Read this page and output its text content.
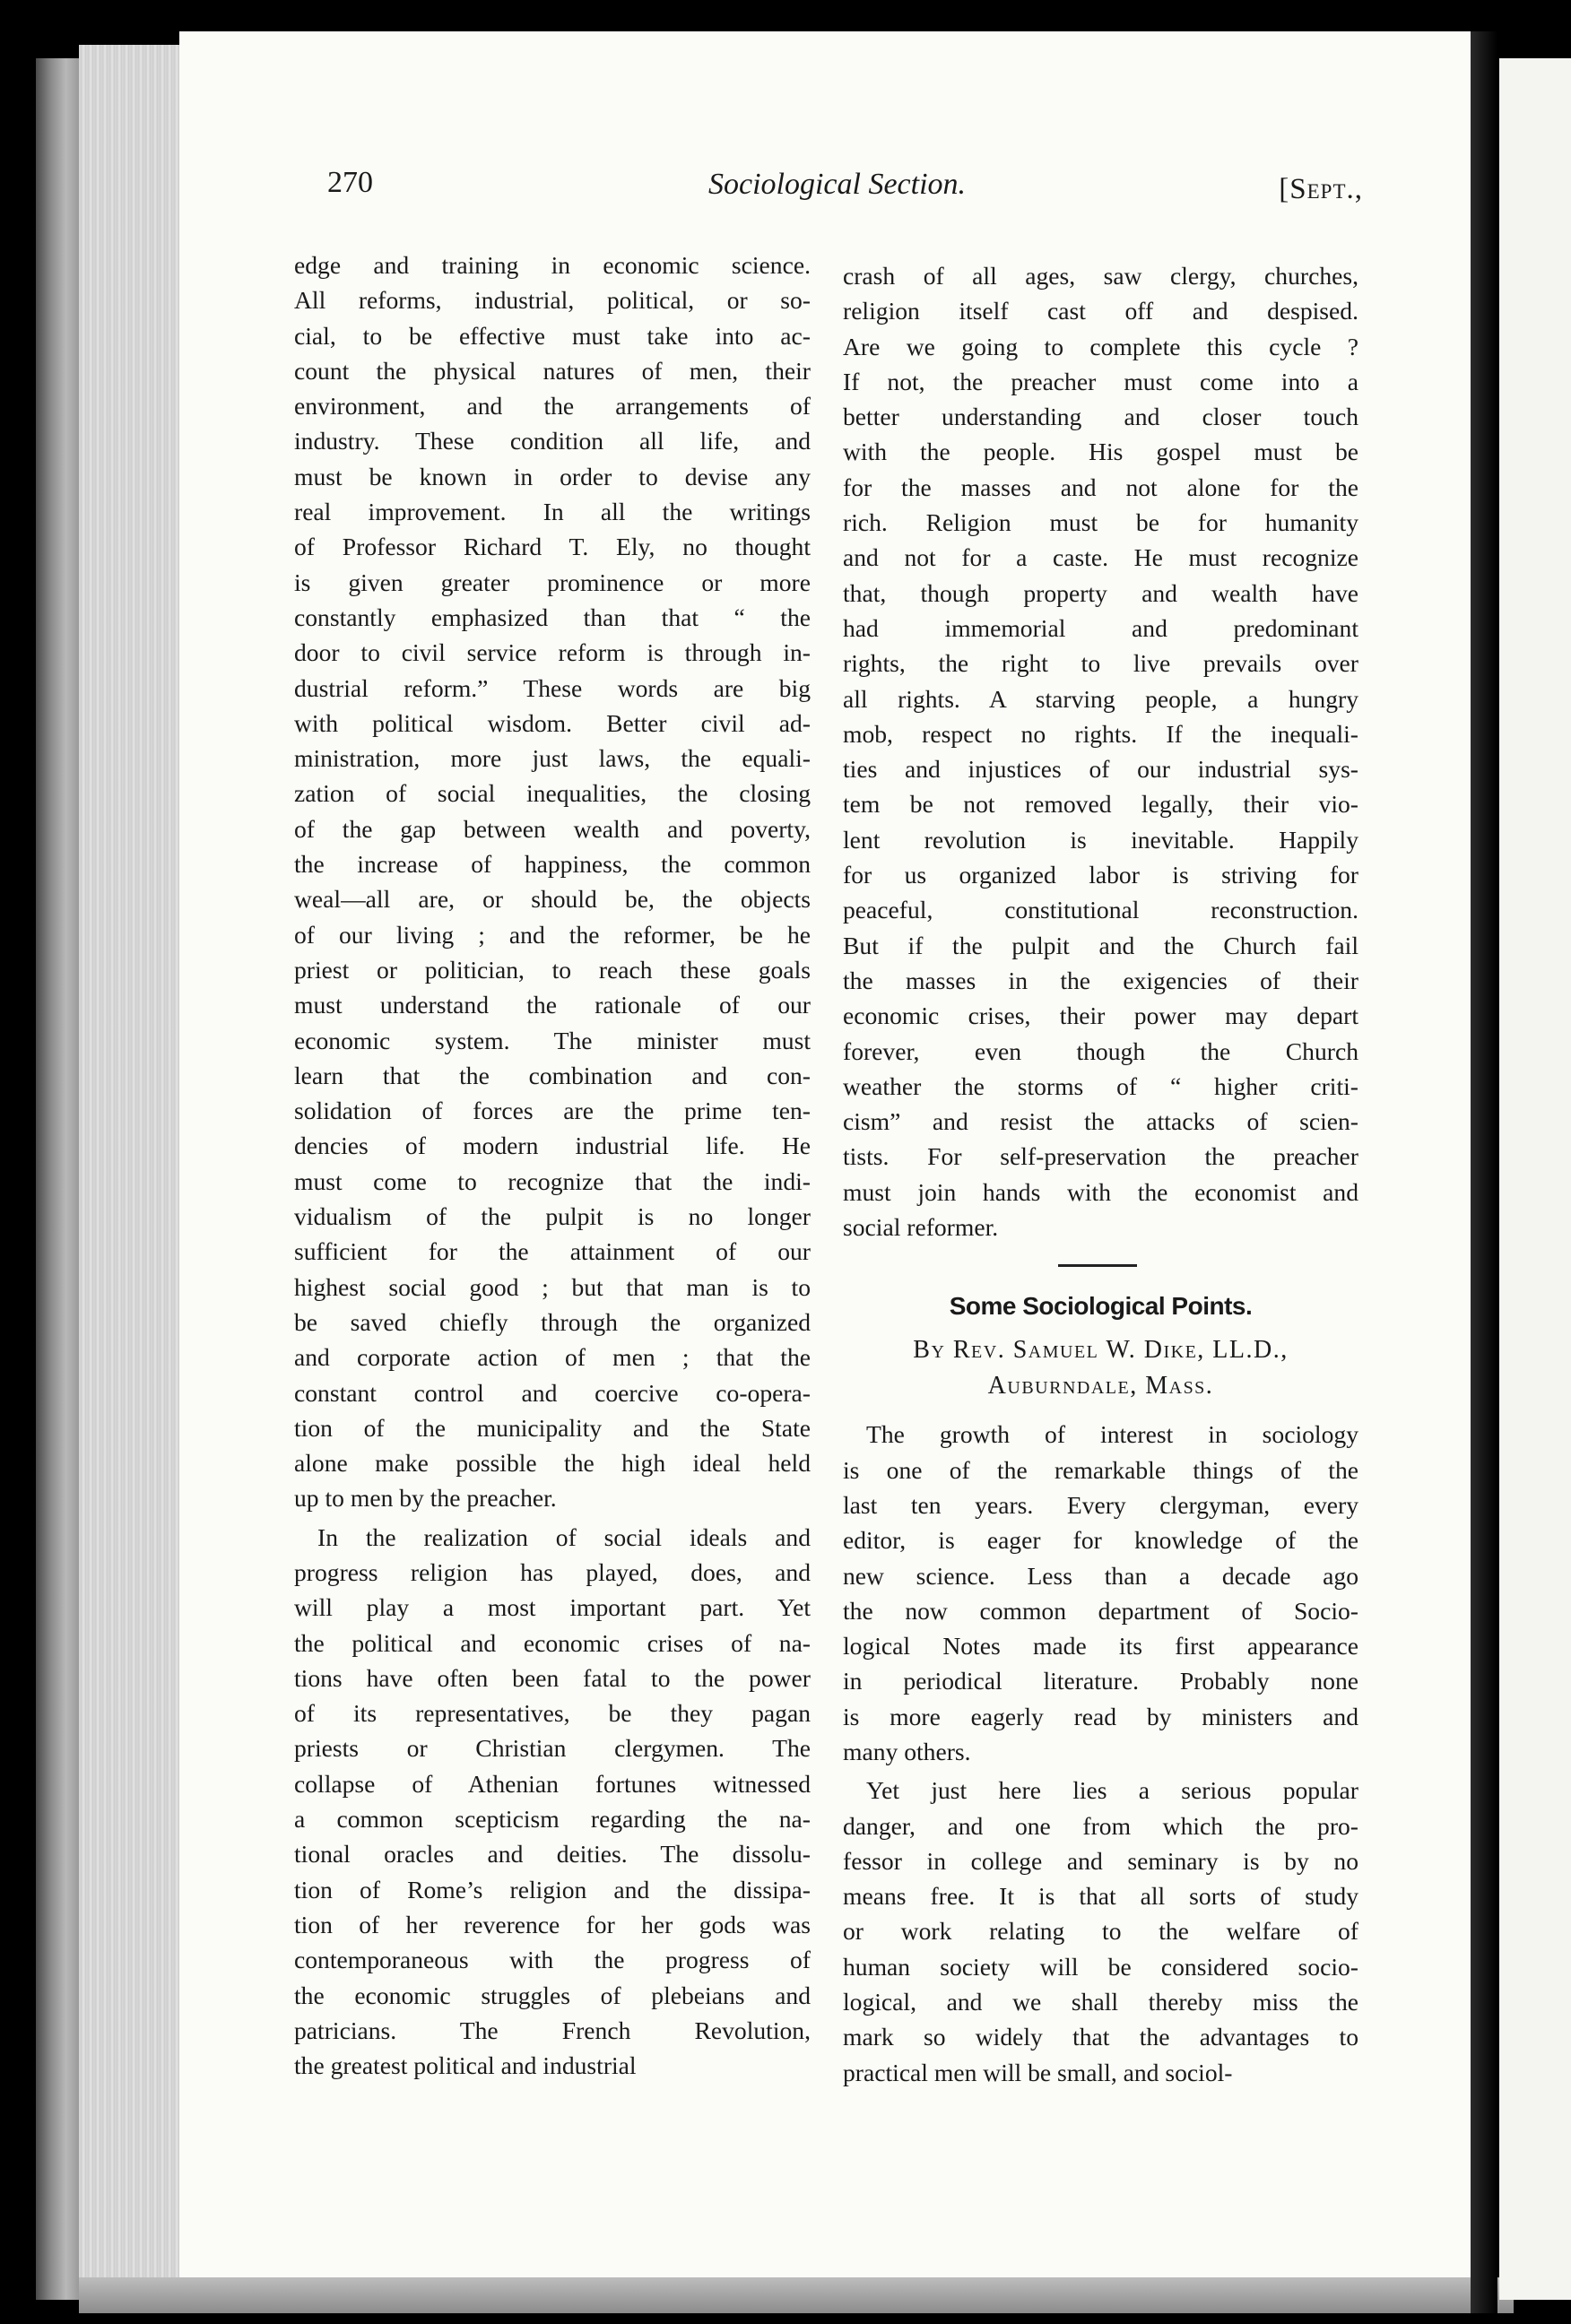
270	Sociological Section.	[Sept.,
edge and training in economic science.
All reforms, industrial, political, or so-
cial, to be effective must take into ac-
count the physical natures of men, their
environment, and the arrangements of
industry. These condition all life, and
must be known in order to devise any
real improvement. In all the writings
of Professor Richard T. Ely, no thought
is given greater prominence or more
constantly emphasized than that “ the
door to civil service reform is through in-
dustrial reform.” These words are big
with political wisdom. Better civil ad-
ministration, more just laws, the equali-
zation of social inequalities, the closing
of the gap between wealth and poverty,
the increase of happiness, the common
weal—all are, or should be, the objects
of our living ; and the reformer, be he
priest or politician, to reach these goals
must understand the rationale of our
economic system. The minister must
learn that the combination and con-
solidation of forces are the prime ten-
dencies of modern industrial life. He
must come to recognize that the indi-
vidualism of the pulpit is no longer
sufficient for the attainment of our
highest social good ; but that man is to
be saved chiefly through the organized
and corporate action of men ; that the
constant control and coercive co-opera-
tion of the municipality and the State
alone make possible the high ideal held
up to men by the preacher.
In the realization of social ideals and
progress religion has played, does, and
will play a most important part. Yet
the political and economic crises of na-
tions have often been fatal to the power
of its representatives, be they pagan
priests or Christian clergymen. The
collapse of Athenian fortunes witnessed
a common scepticism regarding the na-
tional oracles and deities. The dissolu-
tion of Rome’s religion and the dissipa-
tion of her reverence for her gods was
contemporaneous with the progress of
the economic struggles of plebeians and
patricians. The French Revolution,
the greatest political and industrial
crash of all ages, saw clergy, churches,
religion itself cast off and despised.
Are we going to complete this cycle ?
If not, the preacher must come into a
better understanding and closer touch
with the people. His gospel must be
for the masses and not alone for the
rich. Religion must be for humanity
and not for a caste. He must recognize
that, though property and wealth have
had immemorial and predominant
rights, the right to live prevails over
all rights. A starving people, a hungry
mob, respect no rights. If the inequali-
ties and injustices of our industrial sys-
tem be not removed legally, their vio-
lent revolution is inevitable. Happily
for us organized labor is striving for
peaceful, constitutional reconstruction.
But if the pulpit and the Church fail
the masses in the exigencies of their
economic crises, their power may depart
forever, even though the Church
weather the storms of “ higher criti-
cism” and resist the attacks of scien-
tists. For self-preservation the preacher
must join hands with the economist and
social reformer.
Some Sociological Points.
By Rev. Samuel W. Dike, LL.D.,
Auburndale, Mass.
The growth of interest in sociology
is one of the remarkable things of the
last ten years. Every clergyman, every
editor, is eager for knowledge of the
new science. Less than a decade ago
the now common department of Socio-
logical Notes made its first appearance
in periodical literature. Probably none
is more eagerly read by ministers and
many others.
Yet just here lies a serious popular
danger, and one from which the pro-
fessor in college and seminary is by no
means free. It is that all sorts of study
or work relating to the welfare of
human society will be considered socio-
logical, and we shall thereby miss the
mark so widely that the advantages to
practical men will be small, and sociol-
